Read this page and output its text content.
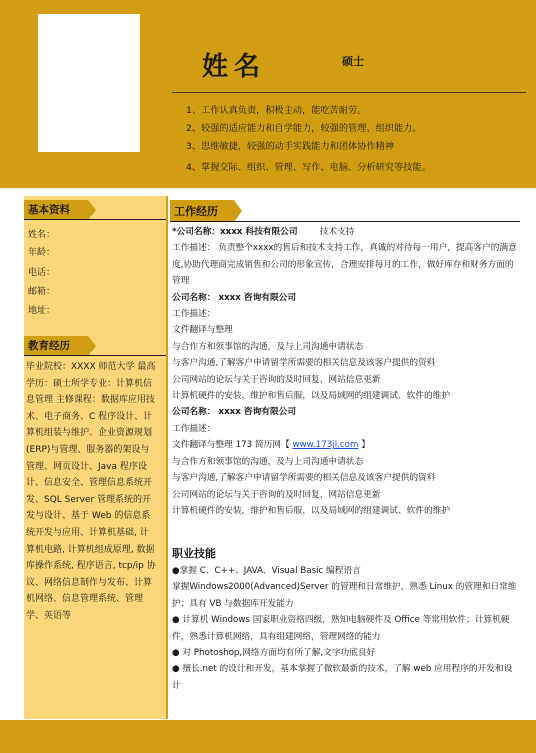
姓名	硕士
1、工作认真负责，积极主动，能吃苦耐劳。
2、较强的适应能力和自学能力，较强的管理、组织能力。
3、思维敏捷，较强的动手实践能力和团体协作精神
4、掌握交际、组织、管理、写作、电脑、分析研究等技能。
基本资料
姓名：
年龄：
电话：
邮箱：
地址：
教育经历
毕业院校：XXXX 师范大学 最高学历：硕士所学专业：计算机信息管理 主修课程：数据库应用技术、电子商务、C 程序设计、计算机组装与维护、企业资源规划(ERP)与管理、服务器的架设与管理、网页设计、Java 程序设计、信息安全、管理信息系统开发、SQL Server 管理系统的开发与设计、基于 Web 的信息系统开发与应用、计算机基础, 计算机电路, 计算机组成原理, 数据库操作系统, 程序语言, tcp/ip 协议、网络信息制作与发布、计算机网络、信息管理系统、管理学、英语等
工作经历
*公司名称：xxxx 科技有限公司	技术支持
工作描述： 负责整个xxxx的售后和技术支持工作，真诚的对待每一用户，提高客户的满意度,协助代理商完成销售和公司的形象宣传，合理安排每月的工作，做好库存和财务方面的管理
公司名称： xxxx 咨询有限公司
工作描述：
文件翻译与整理
与合作方和领事馆的沟通，及与上司沟通申请状态
与客户沟通,了解客户申请留学所需要的相关信息及该客户提供的资料
公司网站的论坛与关于咨询的及时回复，网站信息更新
计算机硬件的安装，维护和售后服，以及局域网的组建调试、软件的维护
公司名称： xxxx 咨询有限公司
工作描述：
文件翻译与整理 173 简历网【 www.173jl.com 】
与合作方和领事馆的沟通，及与上司沟通申请状态
与客户沟通,了解客户申请留学所需要的相关信息及该客户提供的资料
公司网站的论坛与关于咨询的及时回复，网站信息更新
计算机硬件的安装，维护和售后服，以及局域网的组建调试、软件的维护
职业技能
●掌握 C、C++、JAVA、Visual Basic 编程语言
掌握Windows2000(Advanced)Server 的管理和日常维护，熟悉 Linux 的管理和日常维护；具有 VB 与数据库开发能力
● 计算机 Windows 国家职业资格四级，熟知电脑硬件及 Office 等常用软件；计算机硬件，熟悉计算机网络，具有组建网络，管理网络的能力
● 对 Photoshop,网络方面均有所了解,文字功底良好
● 擅长.net 的设计和开发，基本掌握了微软最新的技术，了解 web 应用程序的开发和设计
